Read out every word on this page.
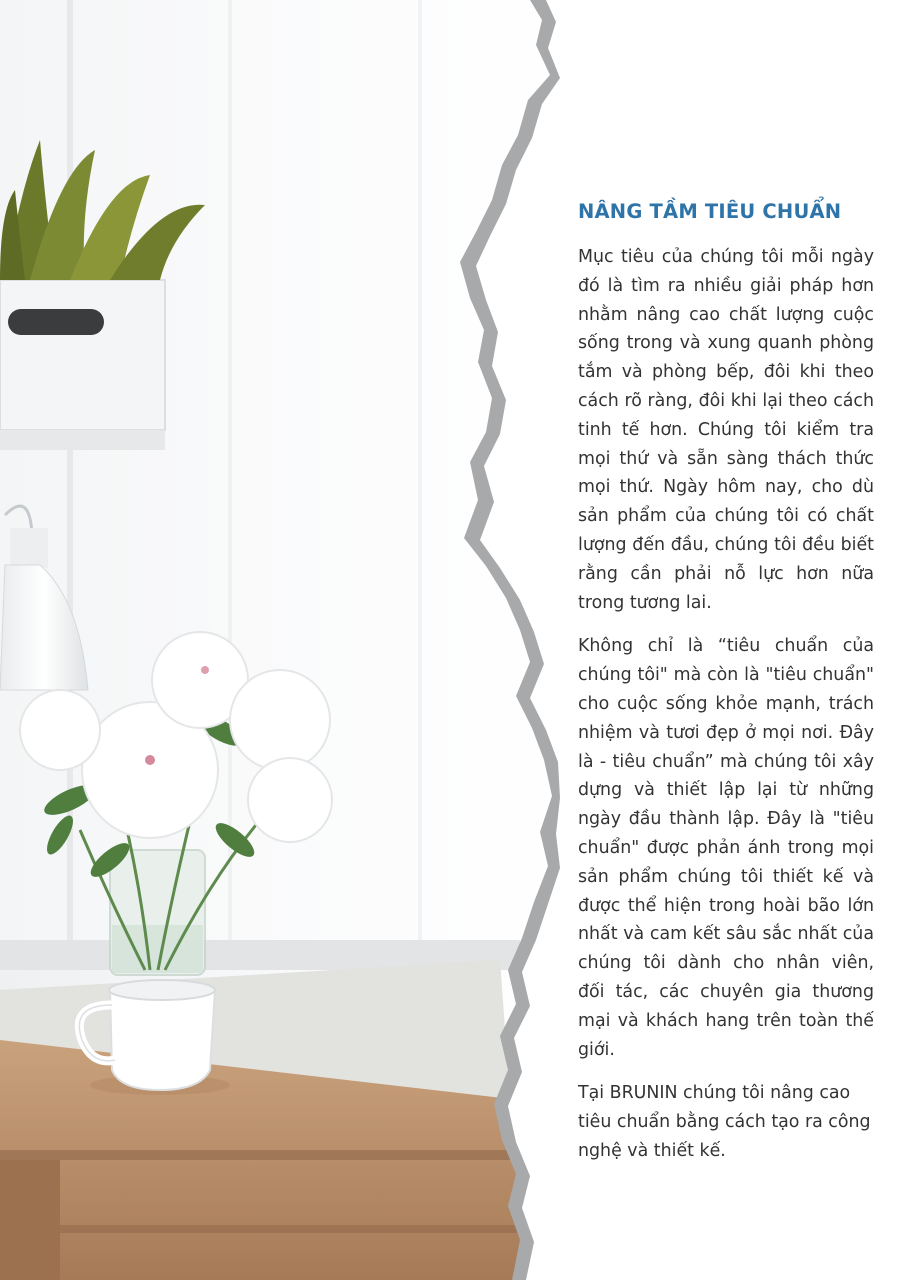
NÂNG TẦM TIÊU CHUẨN

Mục tiêu của chúng tôi mỗi ngày đó là tìm ra nhiều giải pháp hơn nhằm nâng cao chất lượng cuộc sống trong và xung quanh phòng tắm và phòng bếp, đôi khi theo cách rõ ràng, đôi khi lại theo cách tinh tế hơn. Chúng tôi kiểm tra mọi thứ và sẵn sàng thách thức mọi thứ. Ngày hôm nay, cho dù sản phẩm của chúng tôi có chất lượng đến đầu, chúng tôi đều biết rằng cần phải nỗ lực hơn nữa trong tương lai.

Không chỉ là “tiêu chuẩn của chúng tôi" mà còn là "tiêu chuẩn" cho cuộc sống khỏe mạnh, trách nhiệm và tươi đẹp ở mọi nơi. Đây là - tiêu chuẩn” mà chúng tôi xây dựng và thiết lập lại từ những ngày đầu thành lập. Đây là "tiêu chuẩn" được phản ánh trong mọi sản phẩm chúng tôi thiết kế và được thể hiện trong hoài bão lớn nhất và cam kết sâu sắc nhất của chúng tôi dành cho nhân viên, đối tác, các chuyên gia thương mại và khách hang trên toàn thế giới.

Tại BRUNIN chúng tôi nâng cao tiêu chuẩn bằng cách tạo ra công nghệ và thiết kế.
